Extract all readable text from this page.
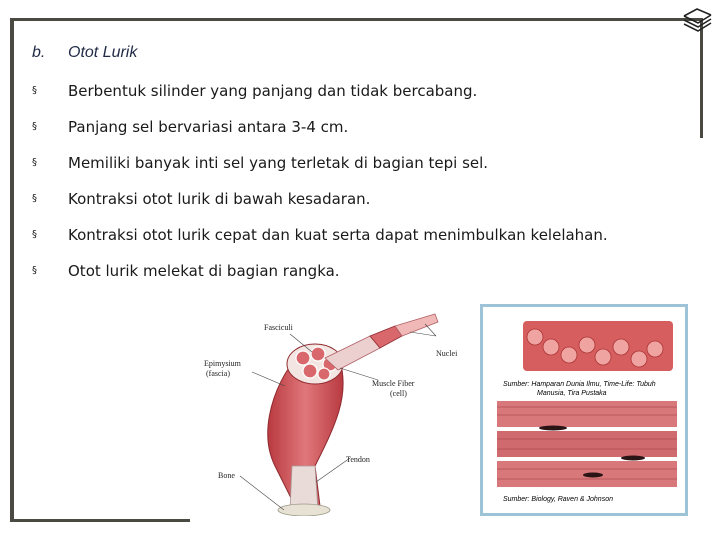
b. Otot Lurik
§	Berbentuk silinder yang panjang dan tidak bercabang.
§	Panjang sel bervariasi antara 3-4 cm.
§	Memiliki banyak inti sel yang terletak di bagian tepi sel.
§	Kontraksi otot lurik di bawah kesadaran.
§	Kontraksi otot lurik cepat dan kuat serta dapat menimbulkan kelelahan.
§	Otot lurik melekat di bagian rangka.
Fasciculi
Nuclei
Epimysium
(fascia)
Muscle Fiber
(cell)
Tendon
Bone
Sumber: Hamparan Dunia Ilmu, Time-Life: Tubuh
Manusia, Tira Pustaka
Sumber: Biology, Raven & Johnson
